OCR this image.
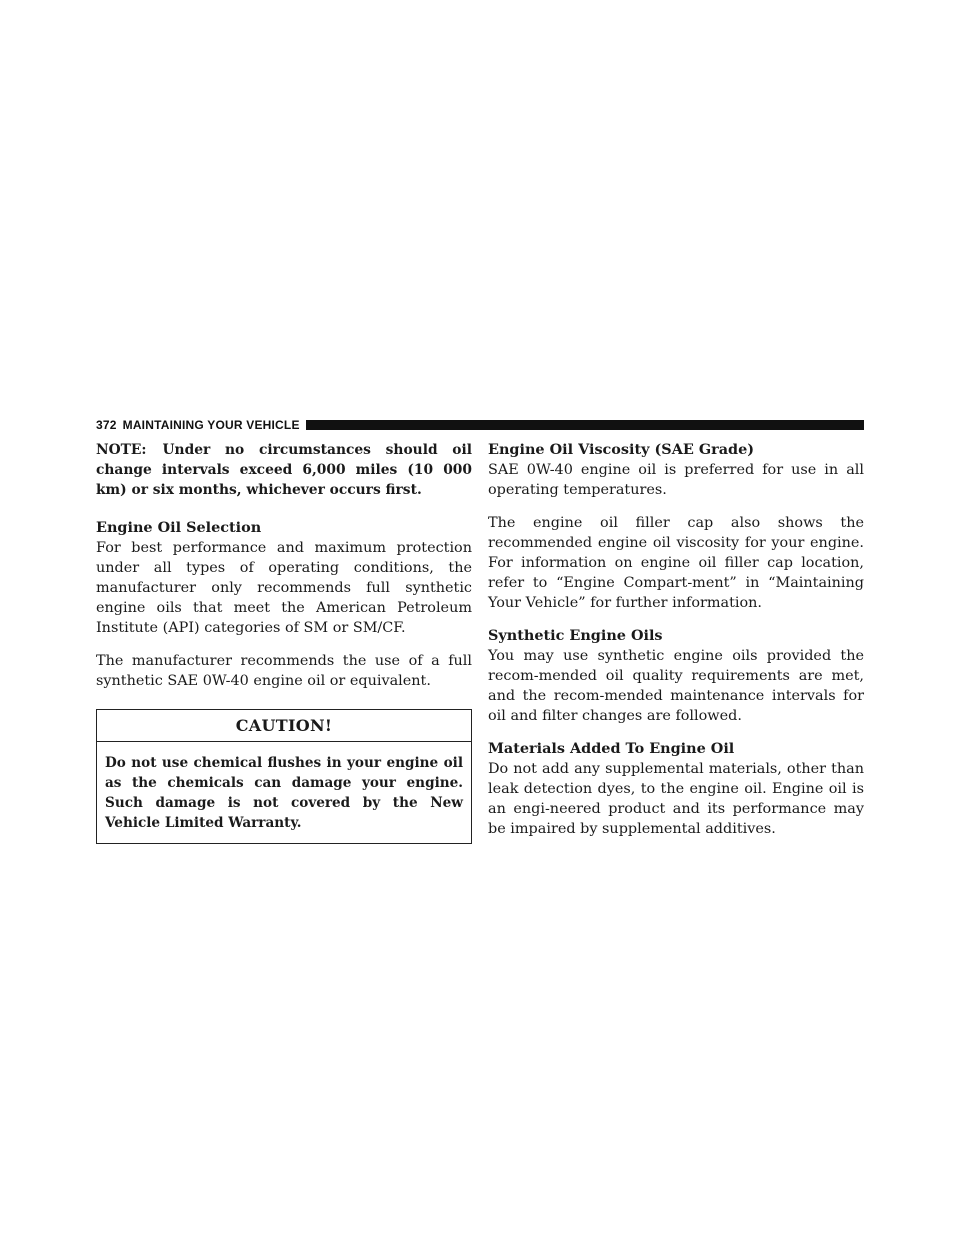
372 MAINTAINING YOUR VEHICLE

NOTE: Under no circumstances should oil change intervals exceed 6,000 miles (10 000 km) or six months, whichever occurs first.

Engine Oil Selection

For best performance and maximum protection under all types of operating conditions, the manufacturer only recommends full synthetic engine oils that meet the American Petroleum Institute (API) categories of SM or SM/CF.

The manufacturer recommends the use of a full synthetic SAE 0W-40 engine oil or equivalent.

CAUTION!
Do not use chemical flushes in your engine oil as the chemicals can damage your engine. Such damage is not covered by the New Vehicle Limited Warranty.
Engine Oil Viscosity (SAE Grade)

SAE 0W-40 engine oil is preferred for use in all operating temperatures.

The engine oil filler cap also shows the recommended engine oil viscosity for your engine. For information on engine oil filler cap location, refer to “Engine Compart-ment” in “Maintaining Your Vehicle” for further information.

Synthetic Engine Oils

You may use synthetic engine oils provided the recom-mended oil quality requirements are met, and the recom-mended maintenance intervals for oil and filter changes are followed.

Materials Added To Engine Oil

Do not add any supplemental materials, other than leak detection dyes, to the engine oil. Engine oil is an engi-neered product and its performance may be impaired by supplemental additives.
